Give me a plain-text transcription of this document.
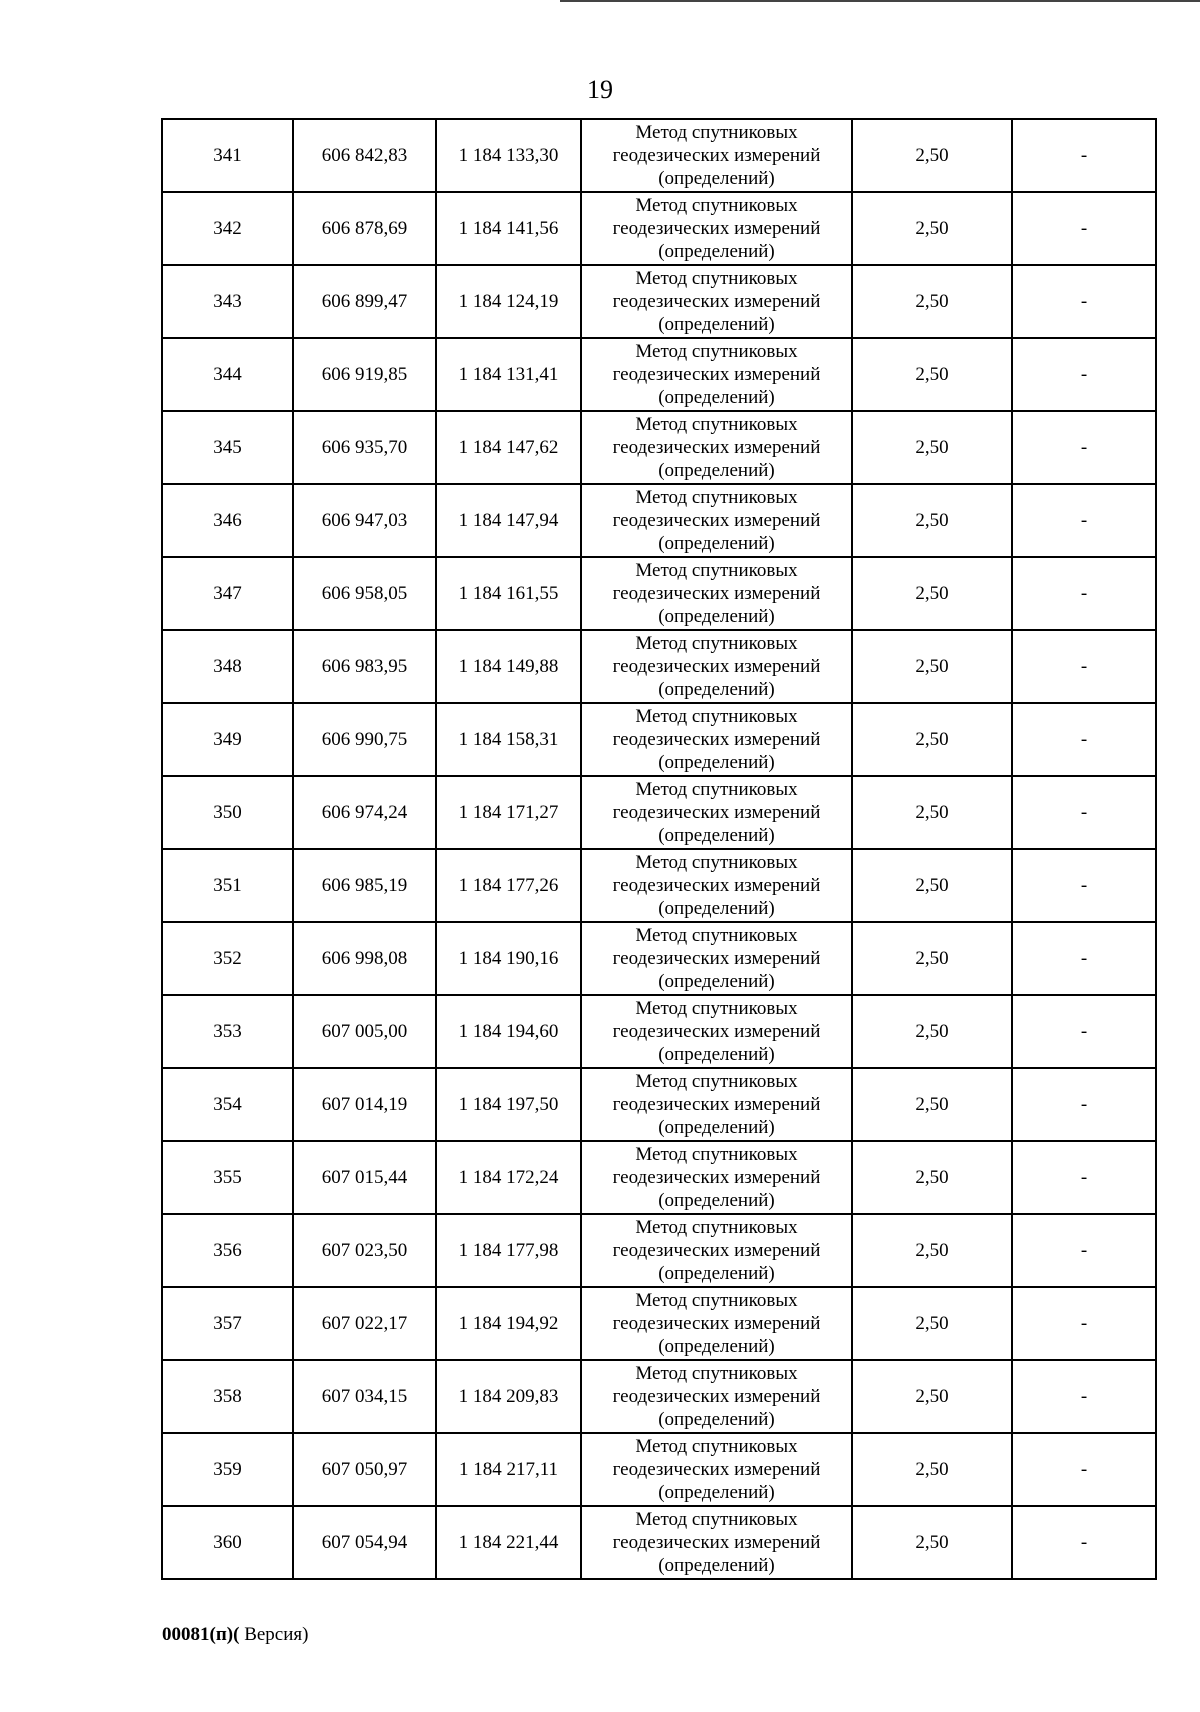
19
341	606 842,83	1 184 133,30	Метод спутниковых
геодезических измерений
(определений)	2,50	-
342	606 878,69	1 184 141,56	Метод спутниковых
геодезических измерений
(определений)	2,50	-
343	606 899,47	1 184 124,19	Метод спутниковых
геодезических измерений
(определений)	2,50	-
344	606 919,85	1 184 131,41	Метод спутниковых
геодезических измерений
(определений)	2,50	-
345	606 935,70	1 184 147,62	Метод спутниковых
геодезических измерений
(определений)	2,50	-
346	606 947,03	1 184 147,94	Метод спутниковых
геодезических измерений
(определений)	2,50	-
347	606 958,05	1 184 161,55	Метод спутниковых
геодезических измерений
(определений)	2,50	-
348	606 983,95	1 184 149,88	Метод спутниковых
геодезических измерений
(определений)	2,50	-
349	606 990,75	1 184 158,31	Метод спутниковых
геодезических измерений
(определений)	2,50	-
350	606 974,24	1 184 171,27	Метод спутниковых
геодезических измерений
(определений)	2,50	-
351	606 985,19	1 184 177,26	Метод спутниковых
геодезических измерений
(определений)	2,50	-
352	606 998,08	1 184 190,16	Метод спутниковых
геодезических измерений
(определений)	2,50	-
353	607 005,00	1 184 194,60	Метод спутниковых
геодезических измерений
(определений)	2,50	-
354	607 014,19	1 184 197,50	Метод спутниковых
геодезических измерений
(определений)	2,50	-
355	607 015,44	1 184 172,24	Метод спутниковых
геодезических измерений
(определений)	2,50	-
356	607 023,50	1 184 177,98	Метод спутниковых
геодезических измерений
(определений)	2,50	-
357	607 022,17	1 184 194,92	Метод спутниковых
геодезических измерений
(определений)	2,50	-
358	607 034,15	1 184 209,83	Метод спутниковых
геодезических измерений
(определений)	2,50	-
359	607 050,97	1 184 217,11	Метод спутниковых
геодезических измерений
(определений)	2,50	-
360	607 054,94	1 184 221,44	Метод спутниковых
геодезических измерений
(определений)	2,50	-
00081(п)( Версия)
